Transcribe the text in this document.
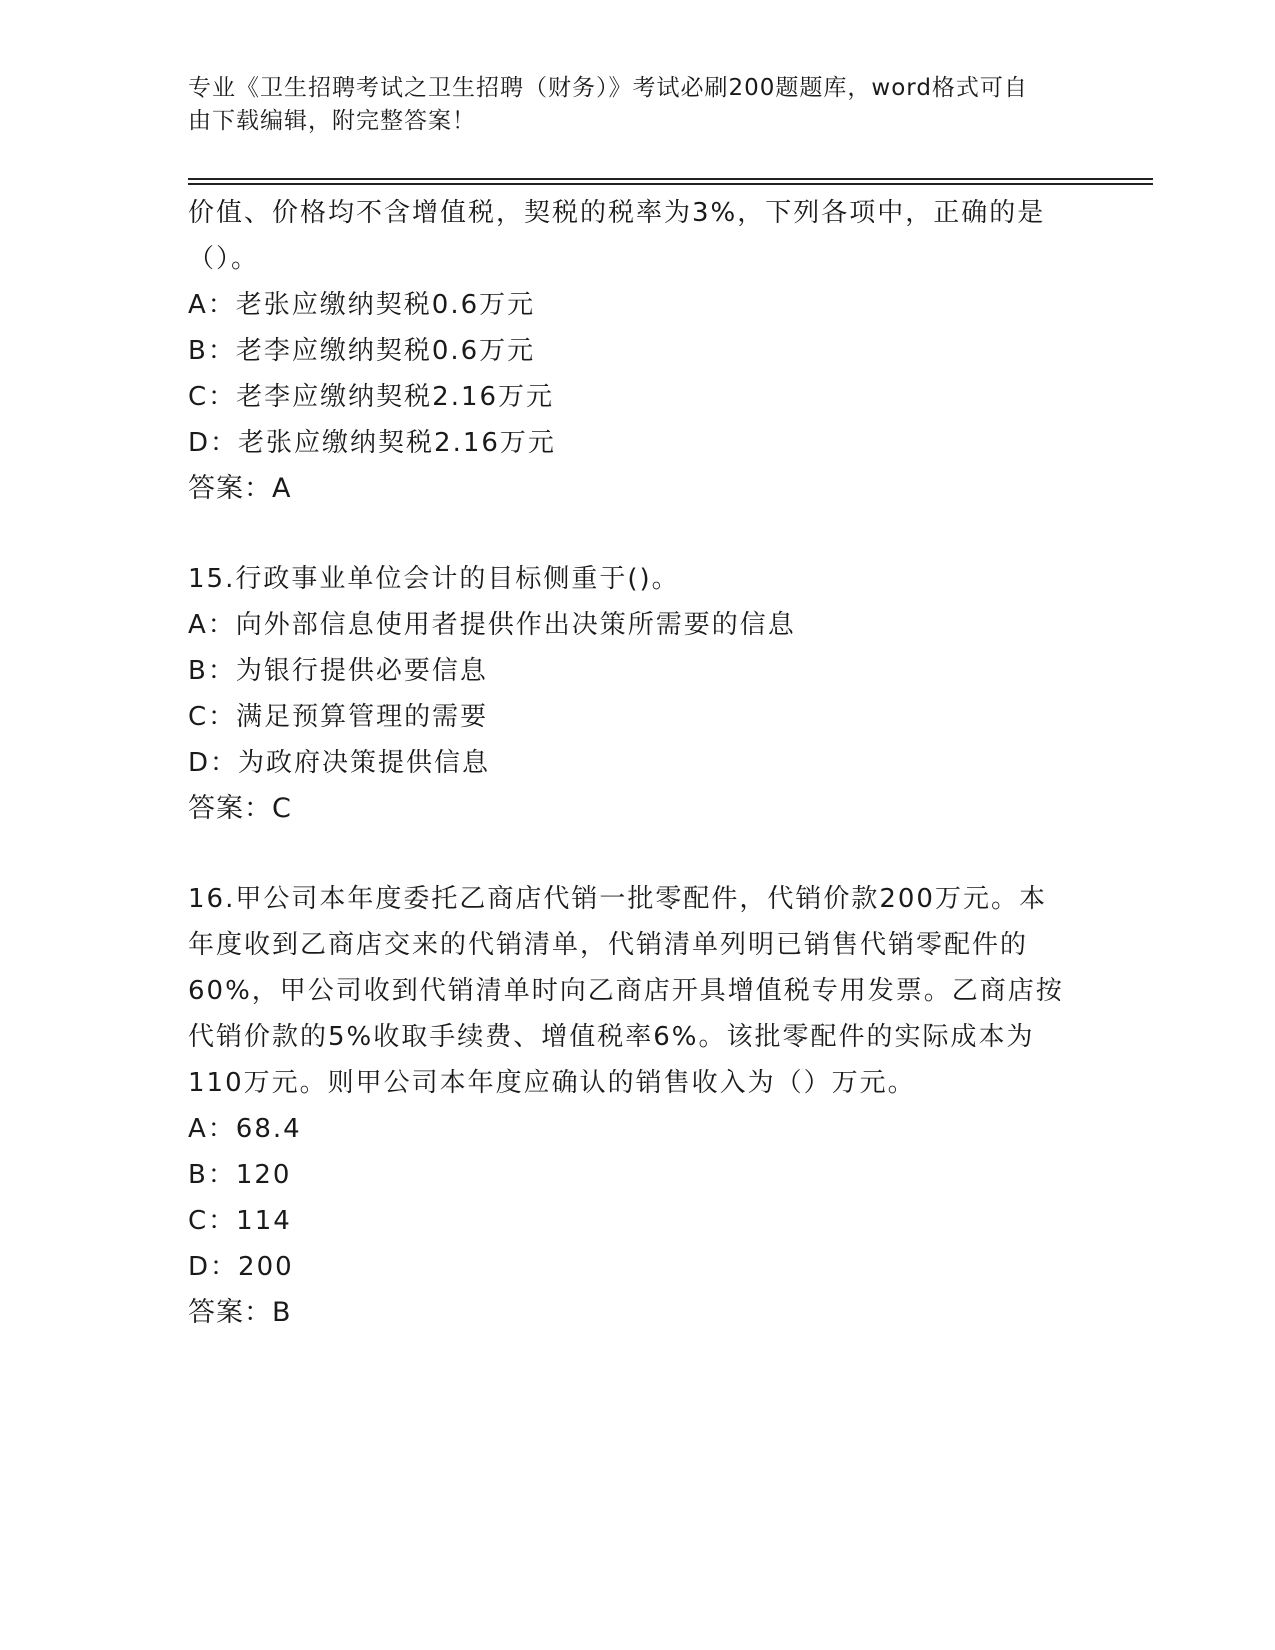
专业《卫生招聘考试之卫生招聘（财务）》考试必刷200题题库，word格式可自
由下载编辑，附完整答案！
价值、价格均不含增值税，契税的税率为3%，下列各项中，正确的是
（）。
A：老张应缴纳契税0.6万元
B：老李应缴纳契税0.6万元
C：老李应缴纳契税2.16万元
D：老张应缴纳契税2.16万元
答案：A
15.行政事业单位会计的目标侧重于()。
A：向外部信息使用者提供作出决策所需要的信息
B：为银行提供必要信息
C：满足预算管理的需要
D：为政府决策提供信息
答案：C
16.甲公司本年度委托乙商店代销一批零配件，代销价款200万元。本
年度收到乙商店交来的代销清单，代销清单列明已销售代销零配件的
60%，甲公司收到代销清单时向乙商店开具增值税专用发票。乙商店按
代销价款的5%收取手续费、增值税率6%。该批零配件的实际成本为
110万元。则甲公司本年度应确认的销售收入为（）万元。
A：68.4
B：120
C：114
D：200
答案：B
